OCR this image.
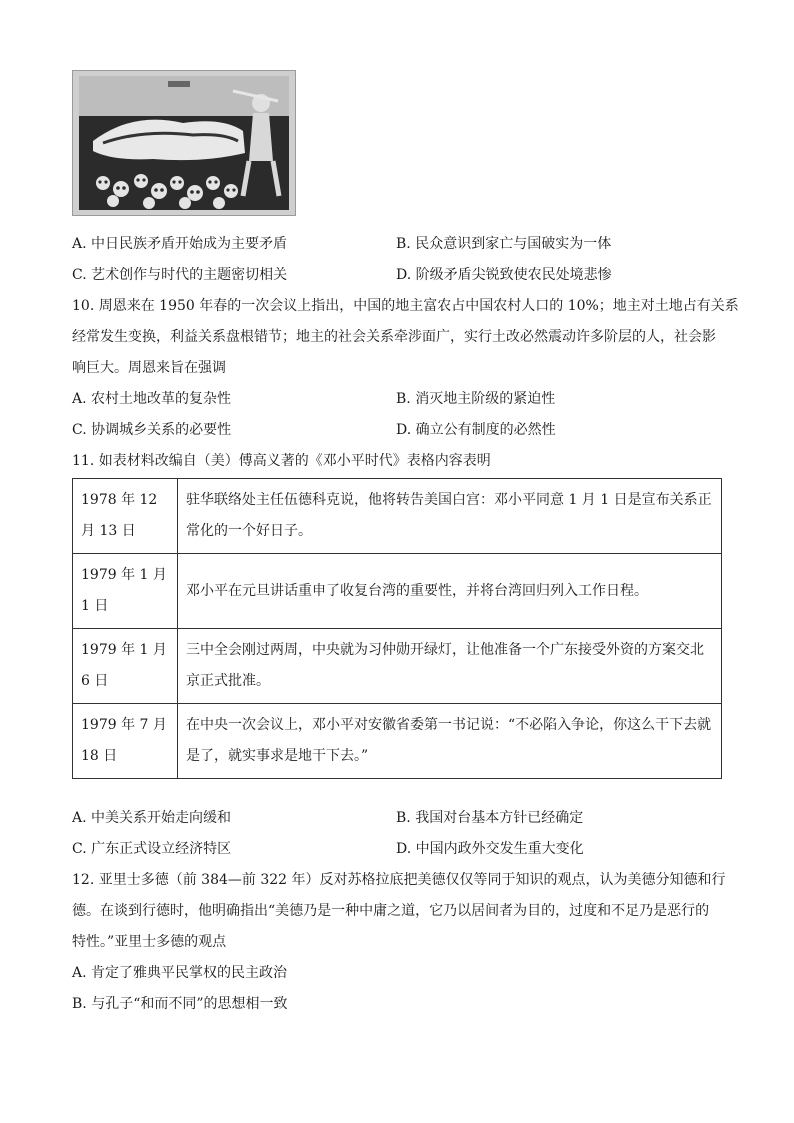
A. 中日民族矛盾开始成为主要矛盾	B. 民众意识到家亡与国破实为一体
C. 艺术创作与时代的主题密切相关	D. 阶级矛盾尖锐致使农民处境悲惨
10. 周恩来在 1950 年春的一次会议上指出，中国的地主富农占中国农村人口的 10%；地主对土地占有关系
经常发生变换，利益关系盘根错节；地主的社会关系牵涉面广，实行土改必然震动许多阶层的人，社会影
响巨大。周恩来旨在强调
A. 农村土地改革的复杂性	B. 消灭地主阶级的紧迫性
C. 协调城乡关系的必要性	D. 确立公有制度的必然性
11. 如表材料改编自（美）傅高义著的《邓小平时代》表格内容表明
1978 年 12 月 13 日	驻华联络处主任伍德科克说，他将转告美国白宫：邓小平同意 1 月 1 日是宣布关系正常化的一个好日子。
1979 年 1 月 1 日	邓小平在元旦讲话重申了收复台湾的重要性，并将台湾回归列入工作日程。
1979 年 1 月 6 日	三中全会刚过两周，中央就为习仲勋开绿灯，让他准备一个广东接受外资的方案交北京正式批准。
1979 年 7 月 18 日	在中央一次会议上，邓小平对安徽省委第一书记说：“不必陷入争论，你这么干下去就是了，就实事求是地干下去。”
A. 中美关系开始走向缓和	B. 我国对台基本方针已经确定
C. 广东正式设立经济特区	D. 中国内政外交发生重大变化
12. 亚里士多德（前 384—前 322 年）反对苏格拉底把美德仅仅等同于知识的观点，认为美德分知德和行
德。在谈到行德时，他明确指出“美德乃是一种中庸之道，它乃以居间者为目的，过度和不足乃是恶行的
特性。”亚里士多德的观点
A. 肯定了雅典平民掌权的民主政治
B. 与孔子“和而不同”的思想相一致
